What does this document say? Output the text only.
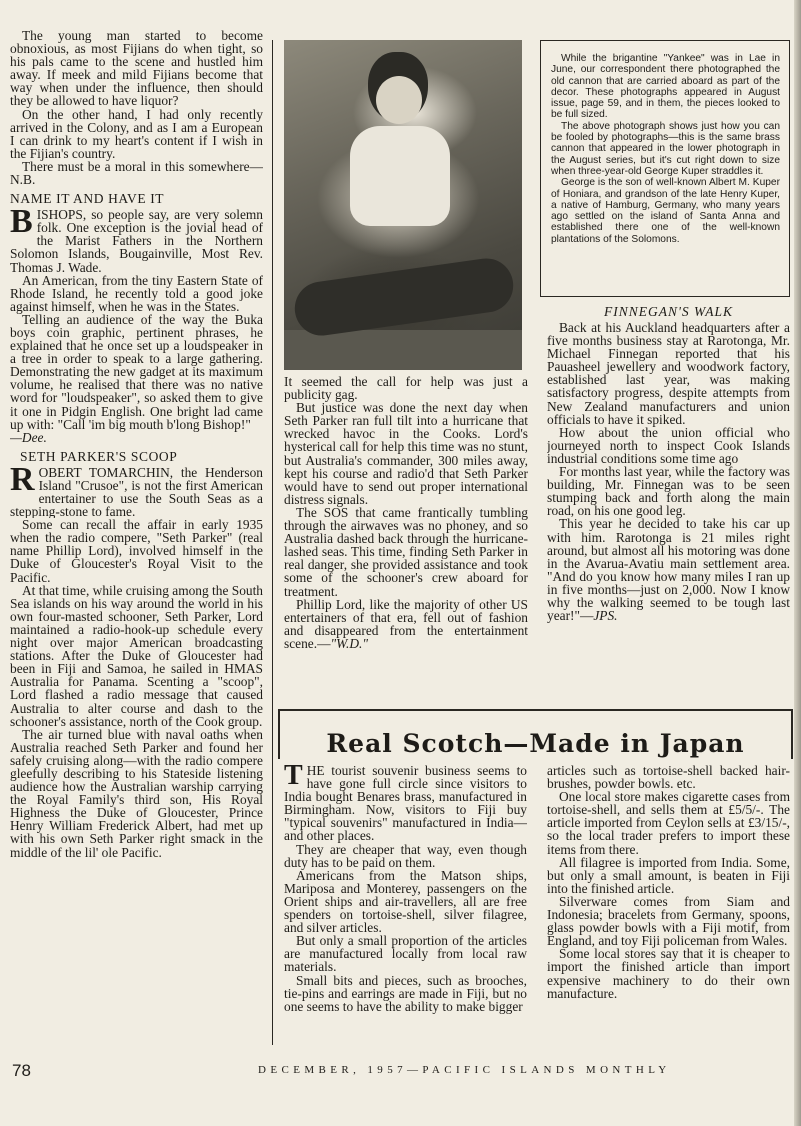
The young man started to become obnoxious, as most Fijians do when tight, so his pals came to the scene and hustled him away. If meek and mild Fijians become that way when under the influence, then should they be allowed to have liquor?

On the other hand, I had only recently arrived in the Colony, and as I am a European I can drink to my heart's content if I wish in the Fijian's country.

There must be a moral in this somewhere—N.B.

NAME IT AND HAVE IT
B ISHOPS, so people say, are very solemn folk. One exception is the jovial head of the Marist Fathers in the Northern Solomon Islands, Bougainville, Most Rev. Thomas J. Wade.

An American, from the tiny Eastern State of Rhode Island, he recently told a good joke against himself, when he was in the States.

Telling an audience of the way the Buka boys coin graphic, pertinent phrases, he explained that he once set up a loudspeaker in a tree in order to speak to a large gathering. Demonstrating the new gadget at its maximum volume, he realised that there was no native word for "loudspeaker", so asked them to give it one in Pidgin English. One bright lad came up with: "Call 'im big mouth b'long Bishop!"

—Dee.

SETH PARKER'S SCOOP
R OBERT TOMARCHIN, the Henderson Island "Crusoe", is not the first American entertainer to use the South Seas as a stepping-stone to fame.

Some can recall the affair in early 1935 when the radio compere, "Seth Parker" (real name Phillip Lord), involved himself in the Duke of Gloucester's Royal Visit to the Pacific.

At that time, while cruising among the South Sea islands on his way around the world in his own four-masted schooner, Seth Parker, Lord maintained a radio-hook-up schedule every night over major American broadcasting stations. After the Duke of Gloucester had been in Fiji and Samoa, he sailed in HMAS Australia for Panama. Scenting a "scoop", Lord flashed a radio message that caused Australia to alter course and dash to the schooner's assistance, north of the Cook group.

The air turned blue with naval oaths when Australia reached Seth Parker and found her safely cruising along—with the radio compere gleefully describing to his Stateside listening audience how the Australian warship carrying the Royal Family's third son, His Royal Highness the Duke of Gloucester, Prince Henry William Frederick Albert, had met up with his own Seth Parker right smack in the middle of the lil' ole Pacific.

It seemed the call for help was just a publicity gag.

But justice was done the next day when Seth Parker ran full tilt into a hurricane that wrecked havoc in the Cooks. Lord's hysterical call for help this time was no stunt, but Australia's commander, 300 miles away, kept his course and radio'd that Seth Parker would have to send out proper international distress signals.

The SOS that came frantically tumbling through the airwaves was no phoney, and so Australia dashed back through the hurricane-lashed seas. This time, finding Seth Parker in real danger, she provided assistance and took some of the schooner's crew aboard for treatment.

Phillip Lord, like the majority of other US entertainers of that era, fell out of fashion and disappeared from the entertainment scene.—"W.D."

While the brigantine "Yankee" was in Lae in June, our correspondent there photographed the old cannon that are carried aboard as part of the decor. These photographs appeared in August issue, page 59, and in them, the pieces looked to be full sized.

The above photograph shows just how you can be fooled by photographs—this is the same brass cannon that appeared in the lower photograph in the August series, but it's cut right down to size when three-year-old George Kuper straddles it.

George is the son of well-known Albert M. Kuper of Honiara, and grandson of the late Henry Kuper, a native of Hamburg, Germany, who many years ago settled on the island of Santa Anna and established there one of the well-known plantations of the Solomons.

FINNEGAN'S WALK

Back at his Auckland headquarters after a five months business stay at Rarotonga, Mr. Michael Finnegan reported that his Pauasheel jewellery and woodwork factory, established last year, was making satisfactory progress, despite attempts from New Zealand manufacturers and union officials to have it spiked.

How about the union official who journeyed north to inspect Cook Islands industrial conditions some time ago

For months last year, while the factory was building, Mr. Finnegan was to be seen stumping back and forth along the main road, on his one good leg.

This year he decided to take his car up with him. Rarotonga is 21 miles right around, but almost all his motoring was done in the Avarua-Avatiu main settlement area. "And do you know how many miles I ran up in five months—just on 2,000. Now I know why the walking seemed to be tough last year!"—JPS.

Real Scotch—Made in Japan
T HE tourist souvenir business seems to have gone full circle since visitors to India bought Benares brass, manufactured in Birmingham. Now, visitors to Fiji buy "typical souvenirs" manufactured in India—and other places.

They are cheaper that way, even though duty has to be paid on them.

Americans from the Matson ships, Mariposa and Monterey, passengers on the Orient ships and air-travellers, all are free spenders on tortoise-shell, silver filagree, and silver articles.

But only a small proportion of the articles are manufactured locally from local raw materials.

Small bits and pieces, such as brooches, tie-pins and earrings are made in Fiji, but no one seems to have the ability to make bigger

articles such as tortoise-shell backed hair-brushes, powder bowls. etc.

One local store makes cigarette cases from tortoise-shell, and sells them at £5/5/-. The article imported from Ceylon sells at £3/15/-, so the local trader prefers to import these items from there.

All filagree is imported from India. Some, but only a small amount, is beaten in Fiji into the finished article.

Silverware comes from Siam and Indonesia; bracelets from Germany, spoons, glass powder bowls with a Fiji motif, from England, and toy Fiji policeman from Wales.

Some local stores say that it is cheaper to import the finished article than import expensive machinery to do their own manufacture.

78	DECEMBER, 1957—PACIFIC ISLANDS MONTHLY
